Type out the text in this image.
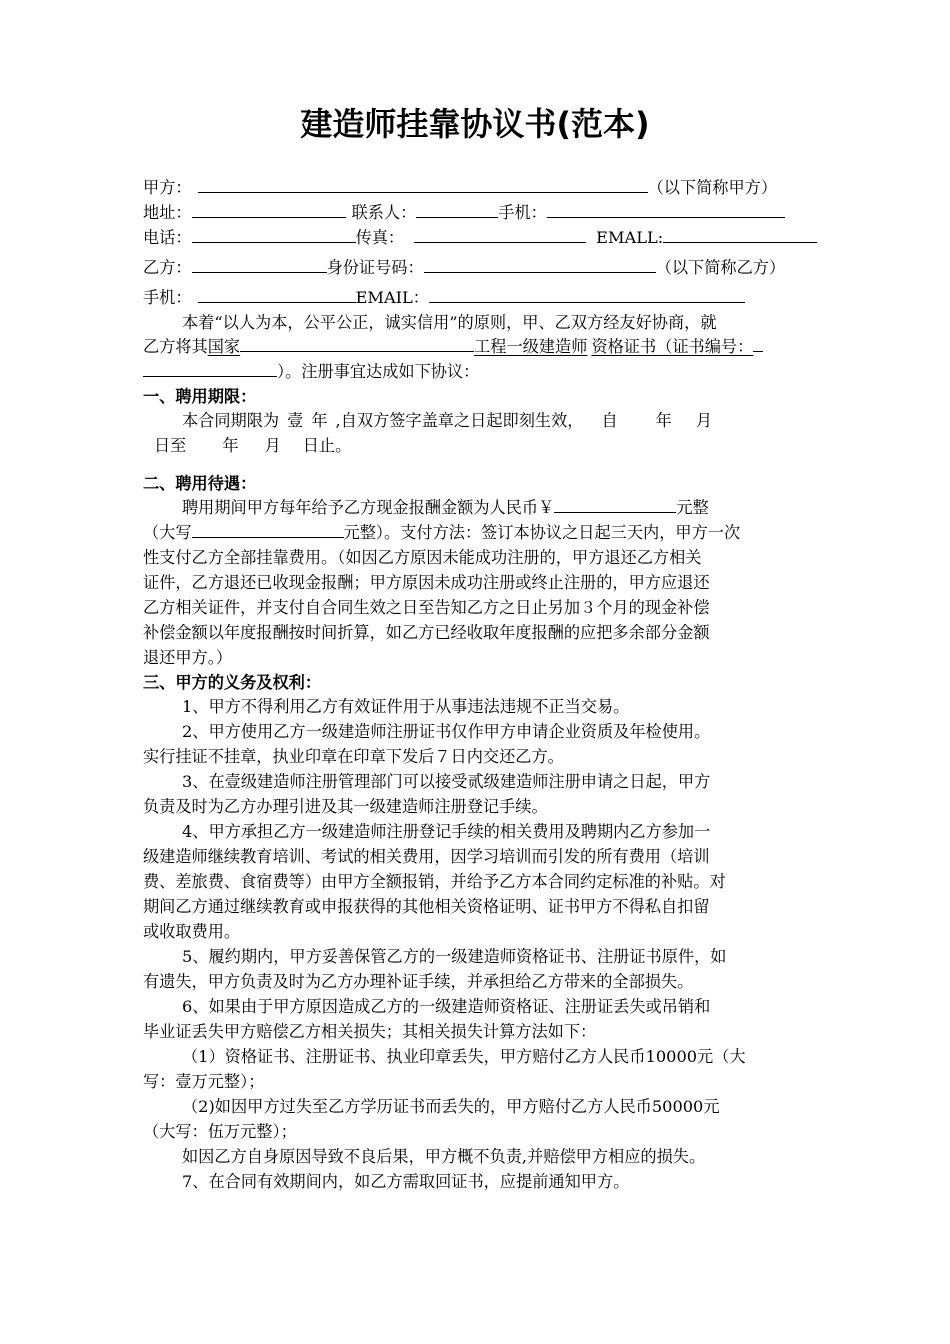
建造师挂靠协议书(范本)
甲方：	（以下简称甲方）
地址：	联系人：	手机：
电话：	传真：	EMALL:
乙方：	身份证号码：	（以下简称乙方）
手机：	EMAIL：
本着“以人为本，公平公正，诚实信用”的原则，甲、乙双方经友好协商，就
乙方将其国家	工程一级建造师 资格证书（证书编号：
）。注册事宜达成如下协议：
一、聘用期限：
本合同期限为 壹 年 ,自双方签字盖章之日起即刻生效， 自 年 月
日至 年 月 日止。
二、聘用待遇：
聘用期间甲方每年给予乙方现金报酬金额为人民币￥	元整
（大写	元整）。支付方法：签订本协议之日起三天内，甲方一次
性支付乙方全部挂靠费用。（如因乙方原因未能成功注册的，甲方退还乙方相关
证件，乙方退还已收现金报酬；甲方原因未成功注册或终止注册的，甲方应退还
乙方相关证件，并支付自合同生效之日至告知乙方之日止另加３个月的现金补偿
补偿金额以年度报酬按时间折算，如乙方已经收取年度报酬的应把多余部分金额
退还甲方。）
三、甲方的义务及权利：
1、甲方不得利用乙方有效证件用于从事违法违规不正当交易。
2、甲方使用乙方一级建造师注册证书仅作甲方申请企业资质及年检使用。
实行挂证不挂章，执业印章在印章下发后７日内交还乙方。
3、在壹级建造师注册管理部门可以接受贰级建造师注册申请之日起，甲方
负责及时为乙方办理引进及其一级建造师注册登记手续。
4、甲方承担乙方一级建造师注册登记手续的相关费用及聘期内乙方参加一
级建造师继续教育培训、考试的相关费用，因学习培训而引发的所有费用（培训
费、差旅费、食宿费等）由甲方全额报销，并给予乙方本合同约定标准的补贴。对
期间乙方通过继续教育或申报获得的其他相关资格证明、证书甲方不得私自扣留
或收取费用。
5、履约期内，甲方妥善保管乙方的一级建造师资格证书、注册证书原件，如
有遗失，甲方负责及时为乙方办理补证手续，并承担给乙方带来的全部损失。
6、如果由于甲方原因造成乙方的一级建造师资格证、注册证丢失或吊销和
毕业证丢失甲方赔偿乙方相关损失；其相关损失计算方法如下：
（1）资格证书、注册证书、执业印章丢失，甲方赔付乙方人民币10000元（大
写：壹万元整）；
（2)如因甲方过失至乙方学历证书而丢失的，甲方赔付乙方人民币50000元
（大写：伍万元整）；
如因乙方自身原因导致不良后果，甲方概不负责,并赔偿甲方相应的损失。
7、在合同有效期间内，如乙方需取回证书，应提前通知甲方。
